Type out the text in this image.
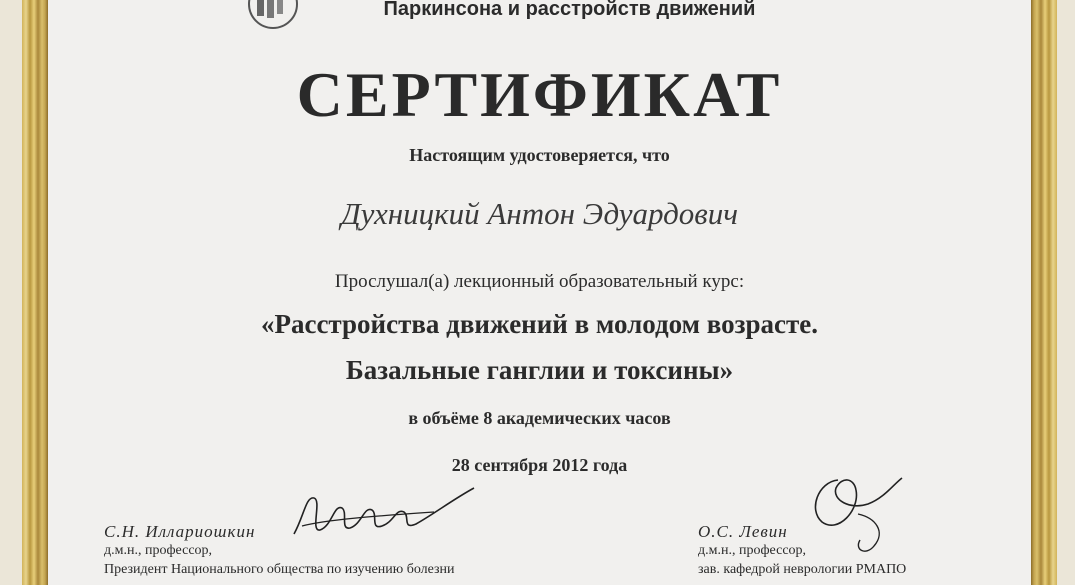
Паркинсона и расстройств движений
СЕРТИФИКАТ
Настоящим удостоверяется, что
Духницкий Антон Эдуардович
Прослушал(а) лекционный образовательный курс:
«Расстройства движений в молодом возрасте.
Базальные ганглии и токсины»
в объёме 8 академических часов
28 сентября 2012 года
С.Н. Иллариошкин
д.м.н., профессор,
Президент Национального общества по изучению болезни
О.С. Левин
д.м.н., профессор,
зав. кафедрой неврологии РМАПО
